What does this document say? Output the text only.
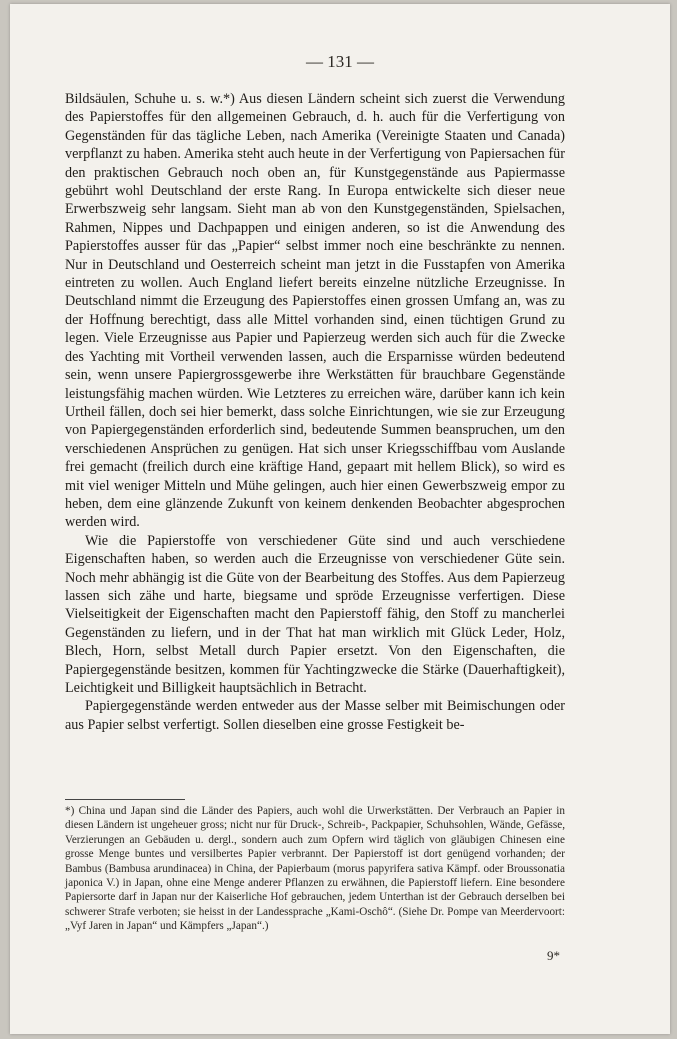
— 131 —

Bildsäulen, Schuhe u. s. w.*) Aus diesen Ländern scheint sich zuerst die Verwendung des Papierstoffes für den allgemeinen Gebrauch, d. h. auch für die Verfertigung von Gegenständen für das tägliche Leben, nach Amerika (Vereinigte Staaten und Canada) verpflanzt zu haben. Amerika steht auch heute in der Verfertigung von Papiersachen für den praktischen Gebrauch noch oben an, für Kunstgegenstände aus Papiermasse gebührt wohl Deutschland der erste Rang. In Europa entwickelte sich dieser neue Erwerbszweig sehr langsam. Sieht man ab von den Kunstgegenständen, Spielsachen, Rahmen, Nippes und Dachpappen und einigen anderen, so ist die Anwendung des Papierstoffes ausser für das „Papier“ selbst immer noch eine beschränkte zu nennen. Nur in Deutschland und Oesterreich scheint man jetzt in die Fusstapfen von Amerika eintreten zu wollen. Auch England liefert bereits einzelne nützliche Erzeugnisse. In Deutschland nimmt die Erzeugung des Papierstoffes einen grossen Umfang an, was zu der Hoffnung berechtigt, dass alle Mittel vorhanden sind, einen tüchtigen Grund zu legen. Viele Erzeugnisse aus Papier und Papierzeug werden sich auch für die Zwecke des Yachting mit Vortheil verwenden lassen, auch die Ersparnisse würden bedeutend sein, wenn unsere Papiergrossgewerbe ihre Werkstätten für brauchbare Gegenstände leistungsfähig machen würden. Wie Letzteres zu erreichen wäre, darüber kann ich kein Urtheil fällen, doch sei hier bemerkt, dass solche Einrichtungen, wie sie zur Erzeugung von Papiergegenständen erforderlich sind, bedeutende Summen beanspruchen, um den verschiedenen Ansprüchen zu genügen. Hat sich unser Kriegsschiffbau vom Auslande frei gemacht (freilich durch eine kräftige Hand, gepaart mit hellem Blick), so wird es mit viel weniger Mitteln und Mühe gelingen, auch hier einen Gewerbszweig empor zu heben, dem eine glänzende Zukunft von keinem denkenden Beobachter abgesprochen werden wird.

Wie die Papierstoffe von verschiedener Güte sind und auch verschiedene Eigenschaften haben, so werden auch die Erzeugnisse von verschiedener Güte sein. Noch mehr abhängig ist die Güte von der Bearbeitung des Stoffes. Aus dem Papierzeug lassen sich zähe und harte, biegsame und spröde Erzeugnisse verfertigen. Diese Vielseitigkeit der Eigenschaften macht den Papierstoff fähig, den Stoff zu mancherlei Gegenständen zu liefern, und in der That hat man wirklich mit Glück Leder, Holz, Blech, Horn, selbst Metall durch Papier ersetzt. Von den Eigenschaften, die Papiergegenstände besitzen, kommen für Yachtingzwecke die Stärke (Dauerhaftigkeit), Leichtigkeit und Billigkeit hauptsächlich in Betracht.

Papiergegenstände werden entweder aus der Masse selber mit Beimischungen oder aus Papier selbst verfertigt. Sollen dieselben eine grosse Festigkeit be-

*) China und Japan sind die Länder des Papiers, auch wohl die Urwerkstätten. Der Verbrauch an Papier in diesen Ländern ist ungeheuer gross; nicht nur für Druck-, Schreib-, Packpapier, Schuhsohlen, Wände, Gefässe, Verzierungen an Gebäuden u. dergl., sondern auch zum Opfern wird täglich von gläubigen Chinesen eine grosse Menge buntes und versilbertes Papier verbrannt. Der Papierstoff ist dort genügend vorhanden; der Bambus (Bambusa arundinacea) in China, der Papierbaum (morus papyrifera sativa Kämpf. oder Broussonatia japonica V.) in Japan, ohne eine Menge anderer Pflanzen zu erwähnen, die Papierstoff liefern. Eine besondere Papiersorte darf in Japan nur der Kaiserliche Hof gebrauchen, jedem Unterthan ist der Gebrauch derselben bei schwerer Strafe verboten; sie heisst in der Landessprache „Kami-Oschô“. (Siehe Dr. Pompe van Meerdervoort: „Vyf Jaren in Japan“ und Kämpfers „Japan“.)
9*
